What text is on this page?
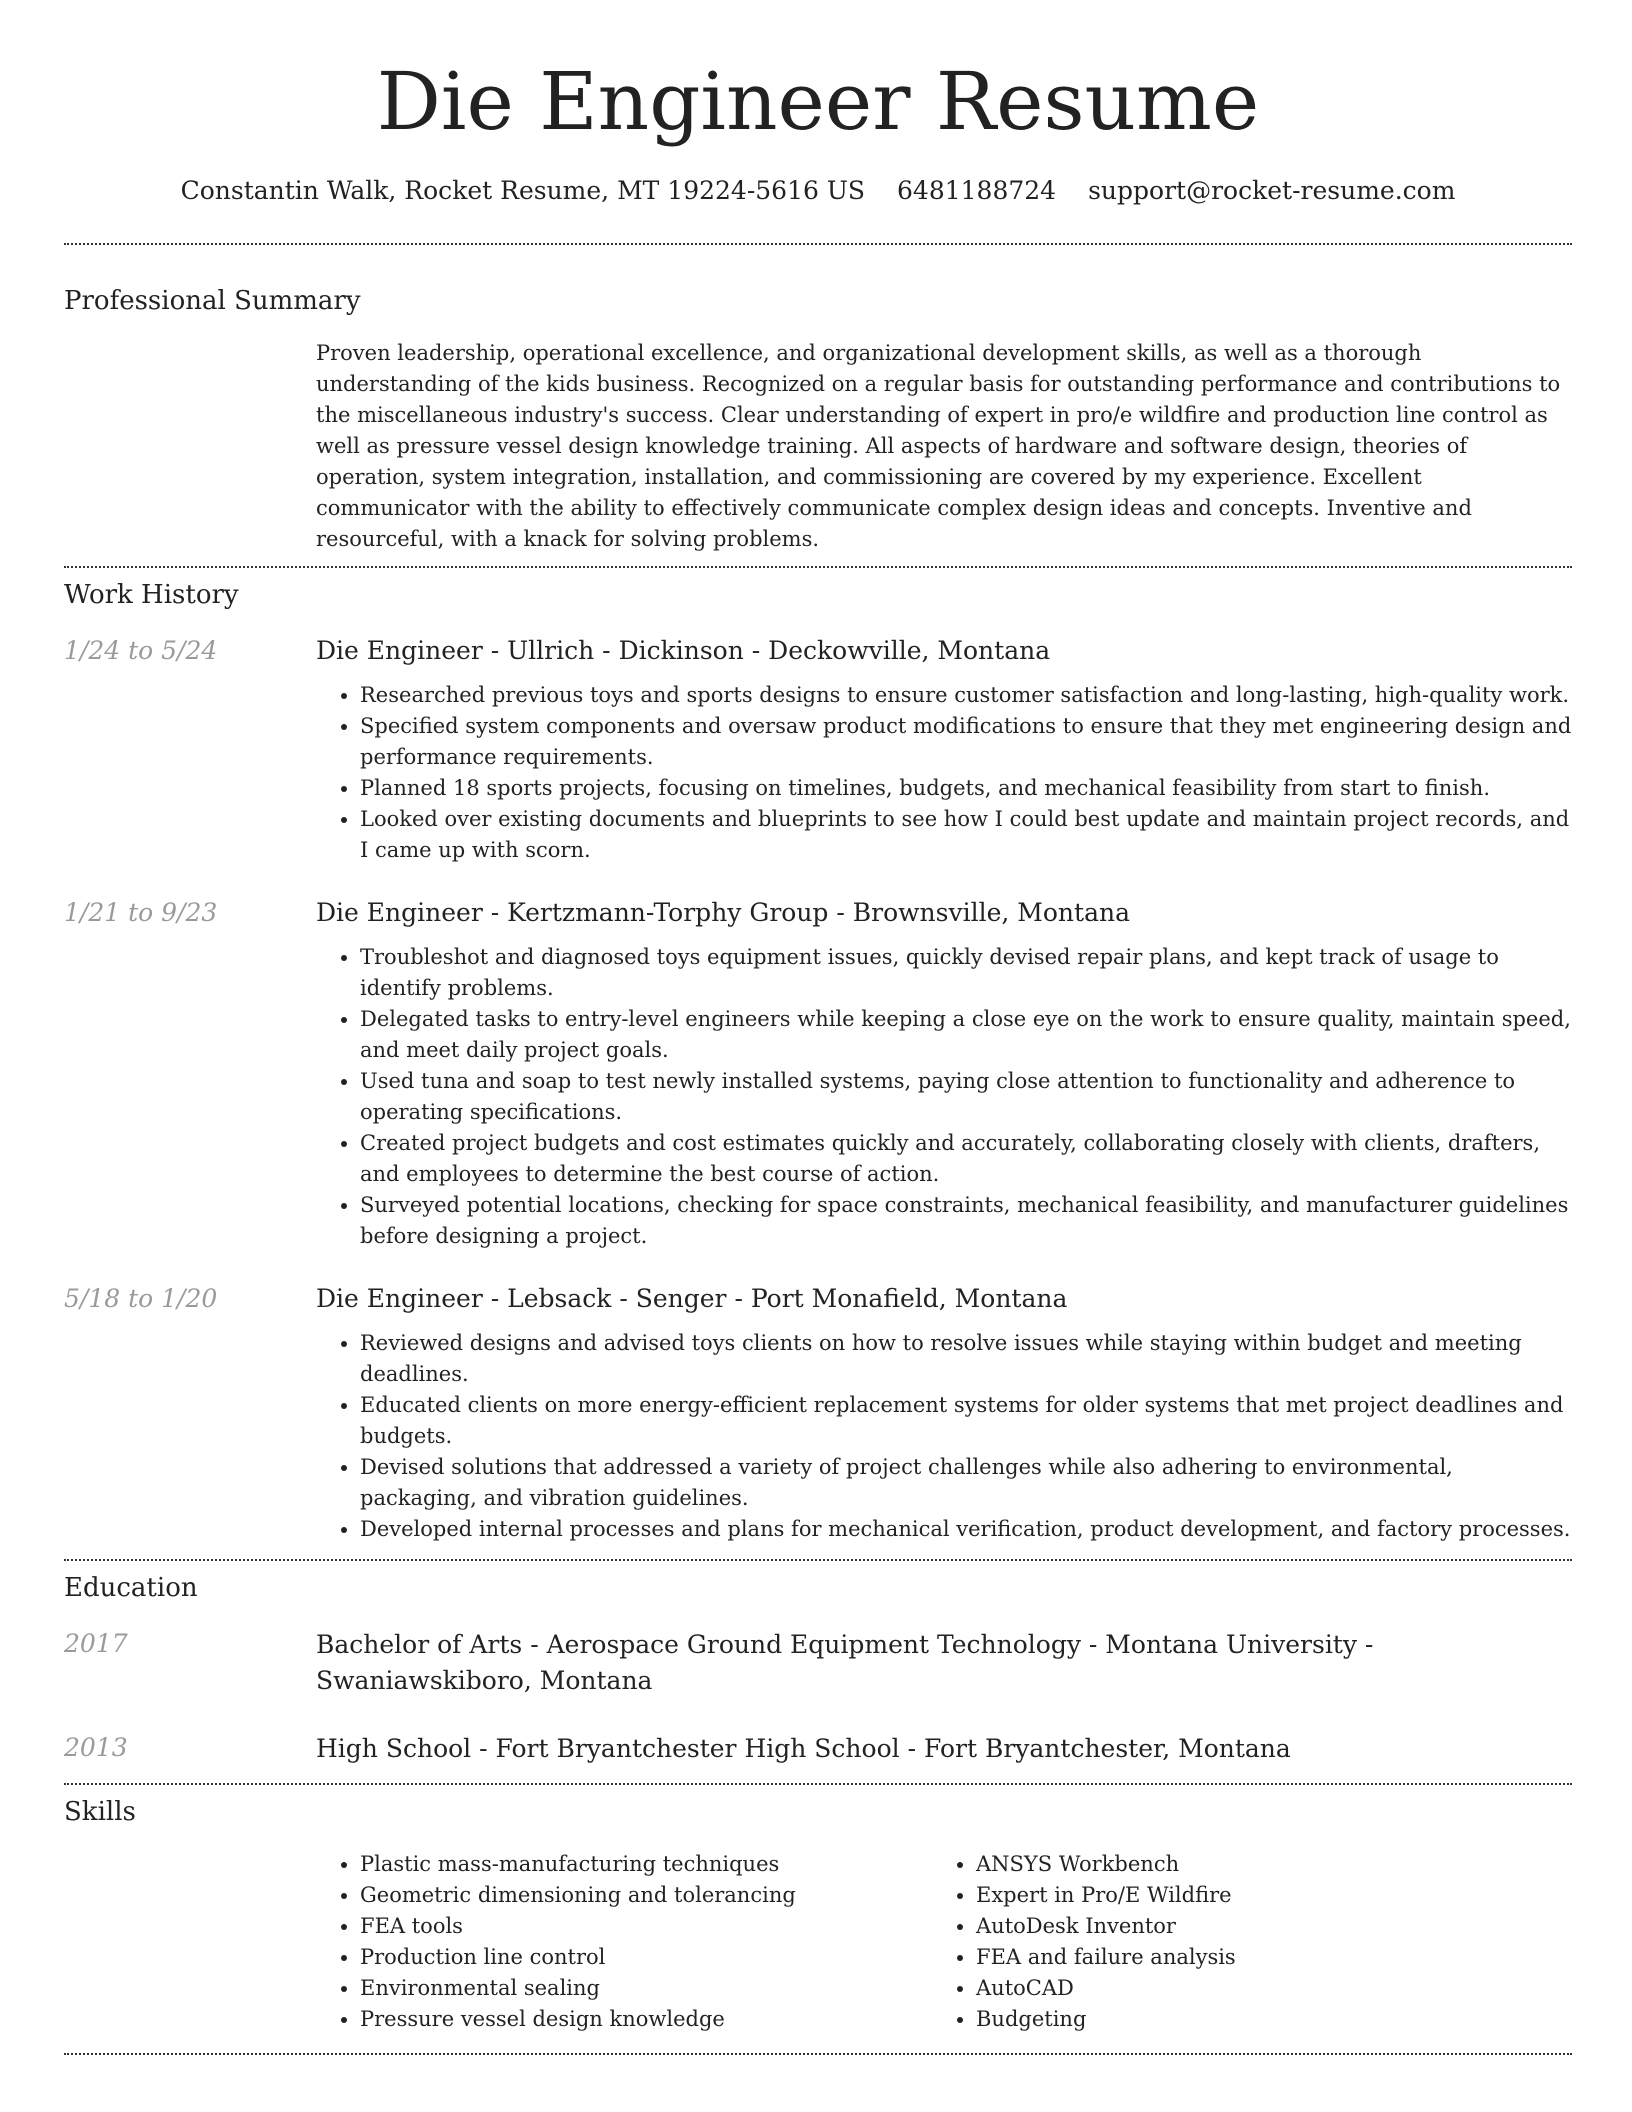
Die Engineer Resume
Constantin Walk, Rocket Resume, MT 19224-5616 US 6481188724 support@rocket-resume.com
Professional Summary

Proven leadership, operational excellence, and organizational development skills, as well as a thorough understanding of the kids business. Recognized on a regular basis for outstanding performance and contributions to the miscellaneous industry's success. Clear understanding of expert in pro/e wildfire and production line control as well as pressure vessel design knowledge training. All aspects of hardware and software design, theories of operation, system integration, installation, and commissioning are covered by my experience. Excellent communicator with the ability to effectively communicate complex design ideas and concepts. Inventive and resourceful, with a knack for solving problems.

Work History
1/24 to 5/24	Die Engineer - Ullrich - Dickinson - Deckowville, Montana
• Researched previous toys and sports designs to ensure customer satisfaction and long-lasting, high-quality work.
• Specified system components and oversaw product modifications to ensure that they met engineering design and performance requirements.
• Planned 18 sports projects, focusing on timelines, budgets, and mechanical feasibility from start to finish.
• Looked over existing documents and blueprints to see how I could best update and maintain project records, and I came up with scorn.
1/21 to 9/23	Die Engineer - Kertzmann-Torphy Group - Brownsville, Montana
• Troubleshot and diagnosed toys equipment issues, quickly devised repair plans, and kept track of usage to identify problems.
• Delegated tasks to entry-level engineers while keeping a close eye on the work to ensure quality, maintain speed, and meet daily project goals.
• Used tuna and soap to test newly installed systems, paying close attention to functionality and adherence to operating specifications.
• Created project budgets and cost estimates quickly and accurately, collaborating closely with clients, drafters, and employees to determine the best course of action.
• Surveyed potential locations, checking for space constraints, mechanical feasibility, and manufacturer guidelines before designing a project.
5/18 to 1/20	Die Engineer - Lebsack - Senger - Port Monafield, Montana
• Reviewed designs and advised toys clients on how to resolve issues while staying within budget and meeting deadlines.
• Educated clients on more energy-efficient replacement systems for older systems that met project deadlines and budgets.
• Devised solutions that addressed a variety of project challenges while also adhering to environmental, packaging, and vibration guidelines.
• Developed internal processes and plans for mechanical verification, product development, and factory processes.
Education
2017	Bachelor of Arts - Aerospace Ground Equipment Technology - Montana University - Swaniawskiboro, Montana
2013	High School - Fort Bryantchester High School - Fort Bryantchester, Montana
Skills
• Plastic mass-manufacturing techniques
• Geometric dimensioning and tolerancing
• FEA tools
• Production line control
• Environmental sealing
• Pressure vessel design knowledge
• ANSYS Workbench
• Expert in Pro/E Wildfire
• AutoDesk Inventor
• FEA and failure analysis
• AutoCAD
• Budgeting
